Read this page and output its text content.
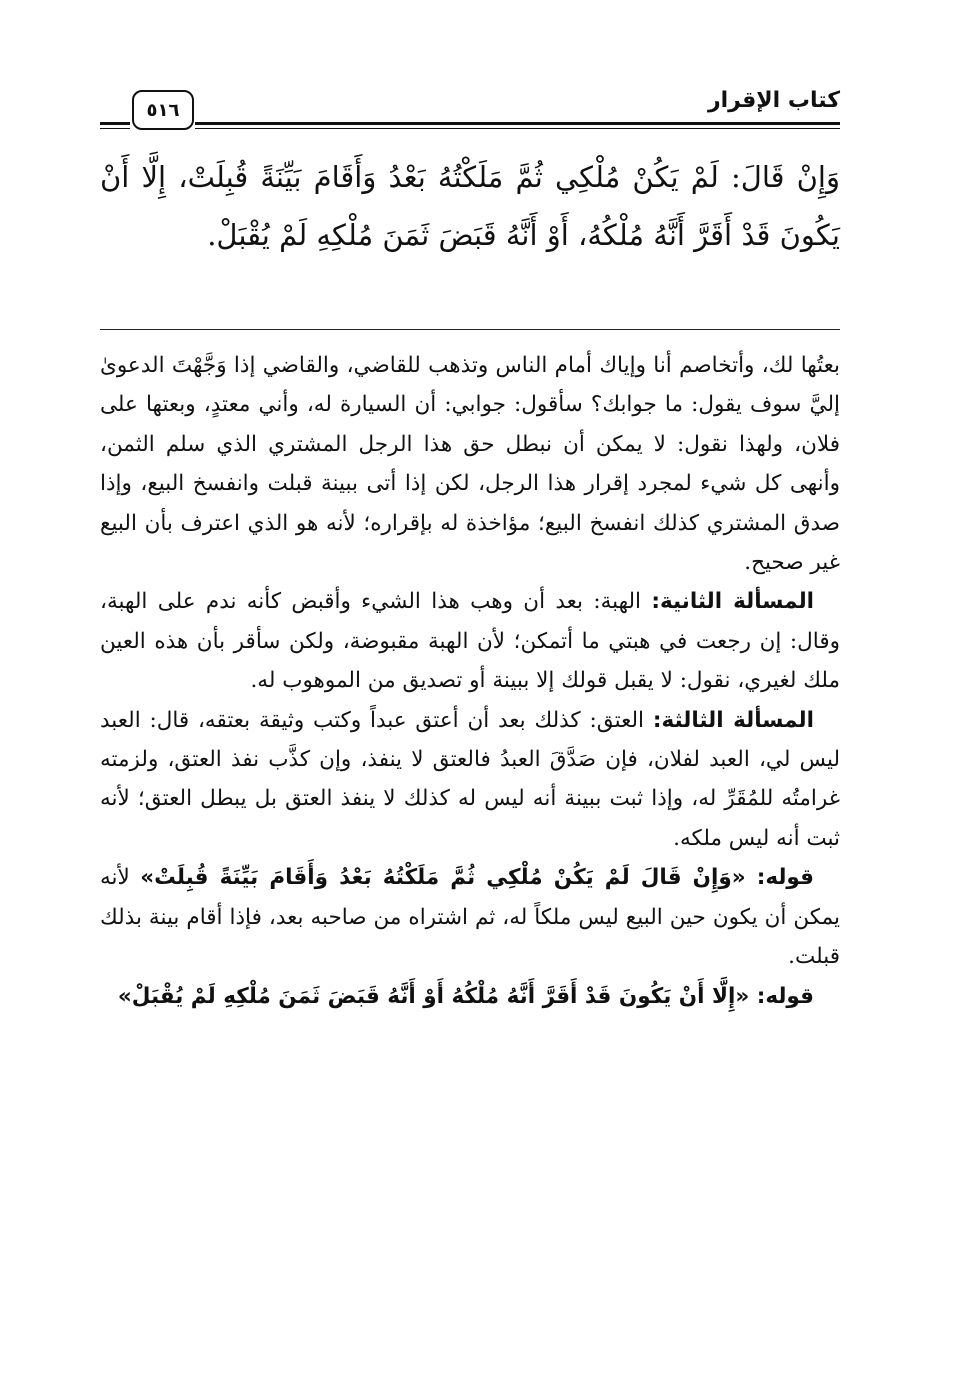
كتاب الإقرار
٥١٦

وَإِنْ قَالَ: لَمْ يَكُنْ مُلْكِي ثُمَّ مَلَكْتُهُ بَعْدُ وَأَقَامَ بَيِّنَةً قُبِلَتْ، إِلَّا أَنْ يَكُونَ قَدْ أَقَرَّ أَنَّهُ مُلْكُهُ، أَوْ أَنَّهُ قَبَضَ ثَمَنَ مُلْكِهِ لَمْ يُقْبَلْ.

بعتُها لك، وأتخاصم أنا وإياك أمام الناس وتذهب للقاضي، والقاضي إذا وَجَّهْتَ الدعوىٰ إليَّ سوف يقول: ما جوابك؟ سأقول: جوابي: أن السيارة له، وأني معتدٍ، وبعتها على فلان، ولهذا نقول: لا يمكن أن نبطل حق هذا الرجل المشتري الذي سلم الثمن، وأنهى كل شيء لمجرد إقرار هذا الرجل، لكن إذا أتى ببينة قبلت وانفسخ البيع، وإذا صدق المشتري كذلك انفسخ البيع؛ مؤاخذة له بإقراره؛ لأنه هو الذي اعترف بأن البيع غير صحيح.

المسألة الثانية: الهبة: بعد أن وهب هذا الشيء وأقبض كأنه ندم على الهبة، وقال: إن رجعت في هبتي ما أتمكن؛ لأن الهبة مقبوضة، ولكن سأقر بأن هذه العين ملك لغيري، نقول: لا يقبل قولك إلا ببينة أو تصديق من الموهوب له.

المسألة الثالثة: العتق: كذلك بعد أن أعتق عبداً وكتب وثيقة بعتقه، قال: العبد ليس لي، العبد لفلان، فإن صَدَّقَ العبدُ فالعتق لا ينفذ، وإن كذَّب نفذ العتق، ولزمته غرامتُه للمُقَرِّ له، وإذا ثبت ببينة أنه ليس له كذلك لا ينفذ العتق بل يبطل العتق؛ لأنه ثبت أنه ليس ملكه.

قوله: «وَإِنْ قَالَ لَمْ يَكُنْ مُلْكِي ثُمَّ مَلَكْتُهُ بَعْدُ وَأَقَامَ بَيِّنَةً قُبِلَتْ» لأنه يمكن أن يكون حين البيع ليس ملكاً له، ثم اشتراه من صاحبه بعد، فإذا أقام بينة بذلك قبلت.

قوله: «إِلَّا أَنْ يَكُونَ قَدْ أَقَرَّ أَنَّهُ مُلْكُهُ أَوْ أَنَّهُ قَبَضَ ثَمَنَ مُلْكِهِ لَمْ يُقْبَلْ»
